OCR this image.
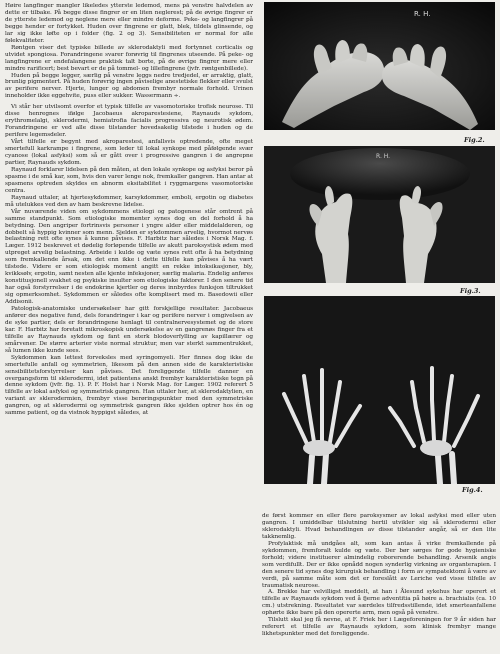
Høire langfinger mangler likeledes ytterste ledemod, mens på venstre halvdelen av dette er tilbake. På begge disse fingrer er en liten neglerest; på de øvrige fingrer er de ytterste ledemod og neglene mere eller mindre deforme. Peke- og langfingrer på begge hender er fortykket. Huden over fingrene er glatt, blek, tildels glinsende, og lar sig ikke løfte op i folder (fig. 2 og 3). Sensibiliteten er normal for alle følekvaliteter.

Røntgen viser det typiske billede av sklerodaktyli med fortynnet corticalis og utvidet spongiosa. Forandringene svarer forøvrig til fingrenes utseende. På peke- og langfingrene er endefalangene praktisk talt borte, på de øvrige fingrer mere eller mindre rarificert; best bevart er de på tommel- og lillefingrene (jvfr. røntgenbillede).

Huden på begge legger, særlig på venstre leggs nedre tredjedel, er arraktig, glatt, brunlig pigmentert. På huden forøvrig ingen påviselige anestetiske flekker eller svulst av perifere nerver. Hjerte, lunger og abdomen frembyr normale forhold. Urinen inneholder ikke eggehvite, puss eller sukker. Wassermann ÷.

Vi står her utvilsomt overfor et typisk tilfelle av vasomotoriske trofisk neurose. Til disse henregnes ifølge Jacobaeus akroparestesiene, Raynauds sykdom, erythromelalgi, sklerodermi, hemiatrofia facialis progressiva og neurotisk ødem. Forandringene er ved alle disse tilstander hovedsakelig tilstede i huden og de perifere legemsdeler.

Vårt tilfelle er begynt med akroparestesi, anfallsvis optredende, ofte meget smertefull karkrampe i fingrene, som leder til lokal synkope med påfølgende svær cyanose (lokal asfyksi) som så er gått over i progressive gangren i de angrepne partier, Raynauds sykdom.

Raynaud forklarer lidelsen på den måten, at den lokale synkope og asfyksi beror på spasme i de små kar, som, hvis den varer lenge nok, fremkaller gangren. Han antar at spasmens optreden skyldes en abnorm eksitabilitet i ryggmargens vasomotoriske centra.

Raynaud uttaler, at hjertesykdommer, karsykdommer, emboli, ergotin og diabetes må utelukkes ved den av ham beskrevne lidelse.

Vår nuværende viden om sykdommens etiologi og patogenese står omtrent på samme standpunkt. Som etiologiske momenter synes dog en del forhold å ha betydning. Den angriper fortrinsvis personer i yngre alder eller middelalderen, og dobbelt så hyppig kvinner som menn. Sjelden er sykdommen arvelig, hvormot nervøs belastning rett ofte synes å kunne påvises. F. Harbitz har således i Norsk Mag. f. Læger. 1912 beskrevet et dødelig forløpende tilfelle av akutt paroksystisk ødem med utpreget arvelig belastning. Arbeide i kulde og væte synes rett ofte å ha betydning som fremkallende årsak, om det enn ikke i dette tilfelle kan påvises å ha vært tilstede. Videre er som etiologisk moment angitt en rekke intoksikasjoner, bly, kvikksølv, ergotin, samt nesten alle kjente infeksjoner, særlig malaria. Endelig anføres konstitusjonell svakhet og psykiske insulter som etiologiske faktorer. I den senere tid har også forstyrrelser i de endokrine kjertler og deres innbyrdes funksjon tiltrukket sig opmerksomhet. Sykdommen er således ofte komplisert med m. Basedowii eller Addisonii.

Patologisk-anatomiske undersøkelser har gitt forskjellige resultater. Jacobaeus anfører des negative fund, dels forandringer i kar og perifere nerver i omgivelsen av de syke partier, dels er forandringene henlagt til centralnervesystemet og de store kar. F. Harbitz har foretatt mikroskopisk undersøkelse av en gangrenøs finger fra et tilfelle av Raynauds sykdom og fant en sterk blodoverfylling av kapillærer og smårvener. De større arterier viste normal struktur, men var sterkt sammentrukket, så lumen ikke kunde sees.

Sykdommen kan lettest forveksles med syringomyeli. Her finnes dog ikke de smertefulle anfall og symmetrien, likesom på den annen side de karakteristiske sensibilitetsforstyrrelser kan påvises. Det foreliggende tilfelle danner en overgangsform til sklerodermi, idet patientens anskt frembyr karakteristiske tegn på denne sykdom (jvfr. fig. 1). P. F. Holst har i Norsk Mag. for Læger. 1902 referert 5 tilfelle av lokal asfyksi og symmetrisk gangren. Han uttaler her, at sklerodaktylien, en variant av sklerodermien, frembyr visse berøringspunkter med den symmetriske gangren, og at sklerodermi og symmetrisk gangren ikke sjelden optrer hos én og samme patient, og da vistnok hyppigst således, at

R. H.
Fig.2.
R. H.
Fig.3.
Fig.4.

de først kommer en eller flere paroksysmer av lokal asfyksi med eller uten gangren. I umiddelbar tilslutning hertil utvikler sig så sklerodermi eller sklerodaktyli. Hvad behandlingen av disse tilstander angår, så er den lite takknemlig.

Profylaktisk må undgåes alt, som kan antas å virke fremkallende på sykdommen, fremforalt kulde og væte. Der bør sørges for gode hygieniske forhold; videre instituerer almindelig roborerende behandling. Arsenik angis som verdifullt. Der er ikke opnådd nogen synderlig virkning av organterapien. I den senere tid synes dog kirurgisk behandling i form av sympatektomi å være av verdi, på samme måte som det er foreslått av Leriche ved visse tilfelle av traumatisk neurose.

A. Brekke har velvilligst meddelt, at han i Ålesund sykehus har operert et tilfelle av Raynauds sykdom ved å fjerne adventitia på høire a. brachialis (ca. 10 cm.) utstrekning. Resultatet var særdeles tilfredsstillende, idet smerteanfallene ophørte ikke bare på den opererte arm, men også på venstre.

Tilslutt skal jeg få nevne, at F. Friek her i Lægeforeningen for 9 år siden har referert et tilfelle av Raynauds sykdom, som klinisk frembyr mange likhetspunkter med det foreliggende.
